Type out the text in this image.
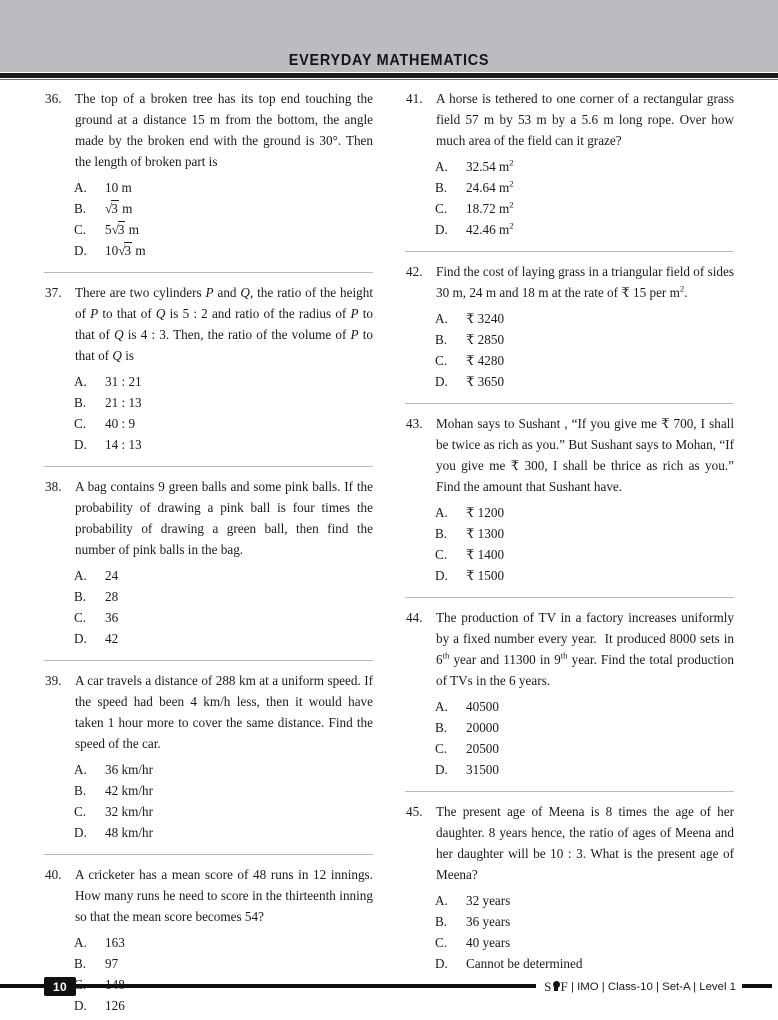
EVERYDAY MATHEMATICS
36.	The top of a broken tree has its top end touching the ground at a distance 15 m from the bottom, the angle made by the broken end with the ground is 30°. Then the length of broken part is
A.	10 m
B.	√3 m
C.	5√3 m
D.	10√3 m
37.	There are two cylinders P and Q, the ratio of the height of P to that of Q is 5 : 2 and ratio of the radius of P to that of Q is 4 : 3. Then, the ratio of the volume of P to that of Q is
A.	31 : 21
B.	21 : 13
C.	40 : 9
D.	14 : 13
38.	A bag contains 9 green balls and some pink balls. If the probability of drawing a pink ball is four times the probability of drawing a green ball, then find the number of pink balls in the bag.
A.	24
B.	28
C.	36
D.	42
39.	A car travels a distance of 288 km at a uniform speed. If the speed had been 4 km/h less, then it would have taken 1 hour more to cover the same distance. Find the speed of the car.
A.	36 km/hr
B.	42 km/hr
C.	32 km/hr
D.	48 km/hr
40.	A cricketer has a mean score of 48 runs in 12 innings. How many runs he need to score in the thirteenth inning so that the mean score becomes 54?
A.	163
B.	97
D.	126
41.	A horse is tethered to one corner of a rectangular grass field 57 m by 53 m by a 5.6 m long rope. Over how much area of the field can it graze?
A.	32.54 $m^2$
B.	24.64 $m^2$
C.	18.72 $m^2$
D.	42.46 $m^2$
42.	Find the cost of laying grass in a triangular field of sides 30 m, 24 m and 18 m at the rate of ₹ 15 per $m^2$.
A.	₹ 3240
B.	₹ 2850
C.	₹ 4280
D.	₹ 3650
43.	Mohan says to Sushant , “If you give me ₹ 700, I shall be twice as rich as you.” But Sushant says to Mohan, “If you give me ₹ 300, I shall be thrice as rich as you.” Find the amount that Sushant have.
A.	₹ 1200
B.	₹ 1300
C.	₹ 1400
D.	₹ 1500
44.	The production of TV in a factory increases uniformly by a fixed number every year.  It produced 8000 sets in 6th year and 11300 in 9th year. Find the total production of TVs in the 6 years.
A.	40500
B.	20000
C.	20500
D.	31500
45.	The present age of Meena is 8 times the age of her daughter. 8 years hence, the ratio of ages of Meena and her daughter will be 10 : 3. What is the present age of Meena?
A.	32 years
B.	36 years
C.	40 years
D.	Cannot be determined
10	S F | IMO | Class-10 | Set-A | Level 1
